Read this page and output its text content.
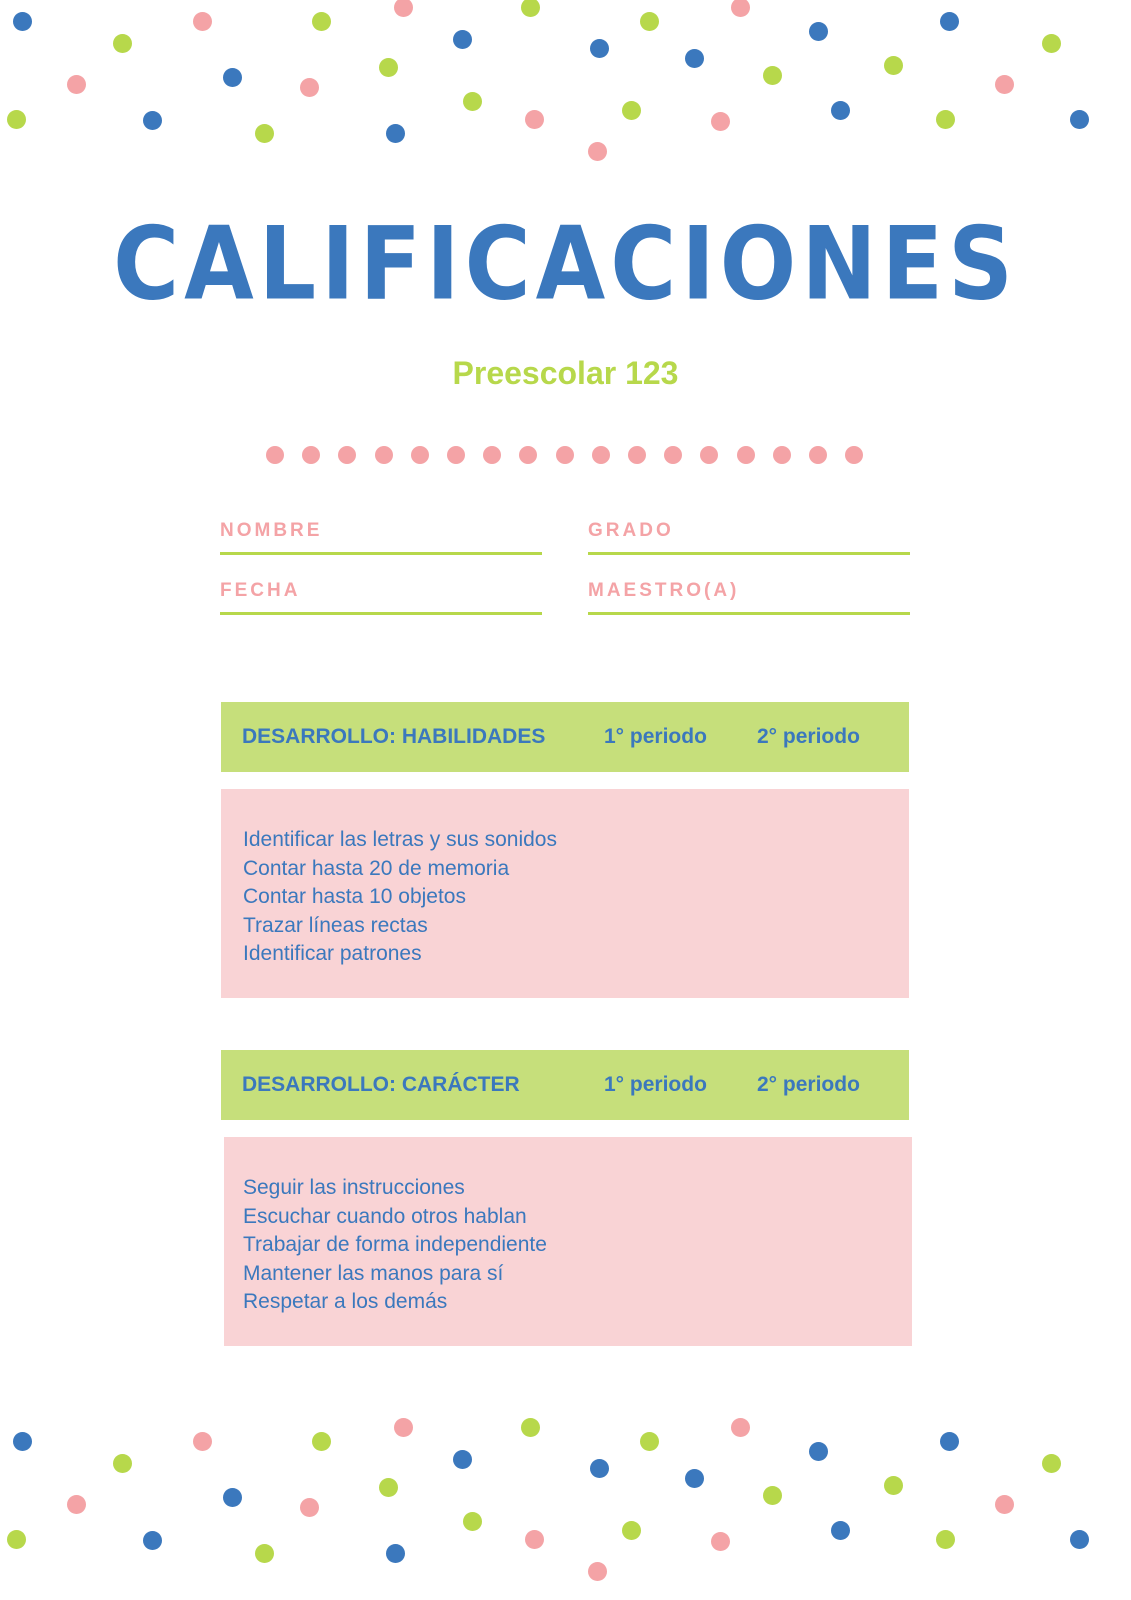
CALIFICACIONES
Preescolar 123
NOMBRE	GRADO
FECHA	MAESTRO(A)
DESARROLLO: HABILIDADES	1° periodo 2° periodo
Identificar las letras y sus sonidos
Contar hasta 20 de memoria
Contar hasta 10 objetos
Trazar líneas rectas
Identificar patrones
DESARROLLO: CARÁCTER	1° periodo 2° periodo
Seguir las instrucciones
Escuchar cuando otros hablan
Trabajar de forma independiente
Mantener las manos para sí
Respetar a los demás
